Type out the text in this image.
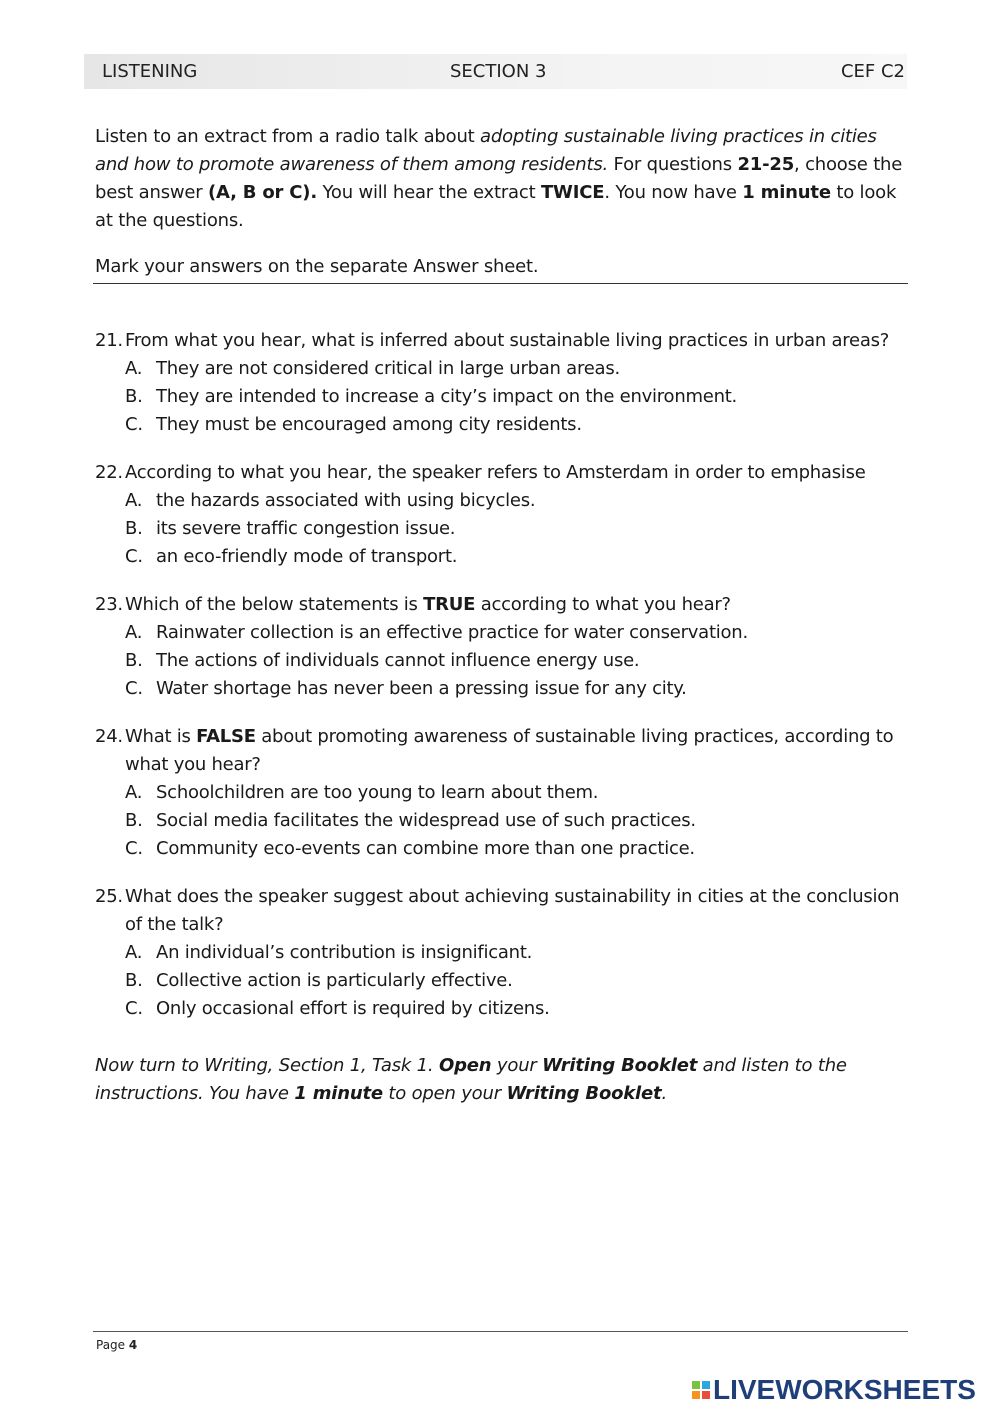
LISTENING	SECTION 3	CEF C2

Listen to an extract from a radio talk about adopting sustainable living practices in cities and how to promote awareness of them among residents. For questions 21-25, choose the best answer (A, B or C). You will hear the extract TWICE. You now have 1 minute to look at the questions.

Mark your answers on the separate Answer sheet.
21. From what you hear, what is inferred about sustainable living practices in urban areas?
A. They are not considered critical in large urban areas.
B. They are intended to increase a city’s impact on the environment.
C. They must be encouraged among city residents.
22. According to what you hear, the speaker refers to Amsterdam in order to emphasise
A. the hazards associated with using bicycles.
B. its severe traffic congestion issue.
C. an eco-friendly mode of transport.
23. Which of the below statements is TRUE according to what you hear?
A. Rainwater collection is an effective practice for water conservation.
B. The actions of individuals cannot influence energy use.
C. Water shortage has never been a pressing issue for any city.
24. What is FALSE about promoting awareness of sustainable living practices, according to what you hear?
A. Schoolchildren are too young to learn about them.
B. Social media facilitates the widespread use of such practices.
C. Community eco-events can combine more than one practice.
25. What does the speaker suggest about achieving sustainability in cities at the conclusion of the talk?
A. An individual’s contribution is insignificant.
B. Collective action is particularly effective.
C. Only occasional effort is required by citizens.
Now turn to Writing, Section 1, Task 1. Open your Writing Booklet and listen to the instructions. You have 1 minute to open your Writing Booklet.
Page 4
LIVEWORKSHEETS
